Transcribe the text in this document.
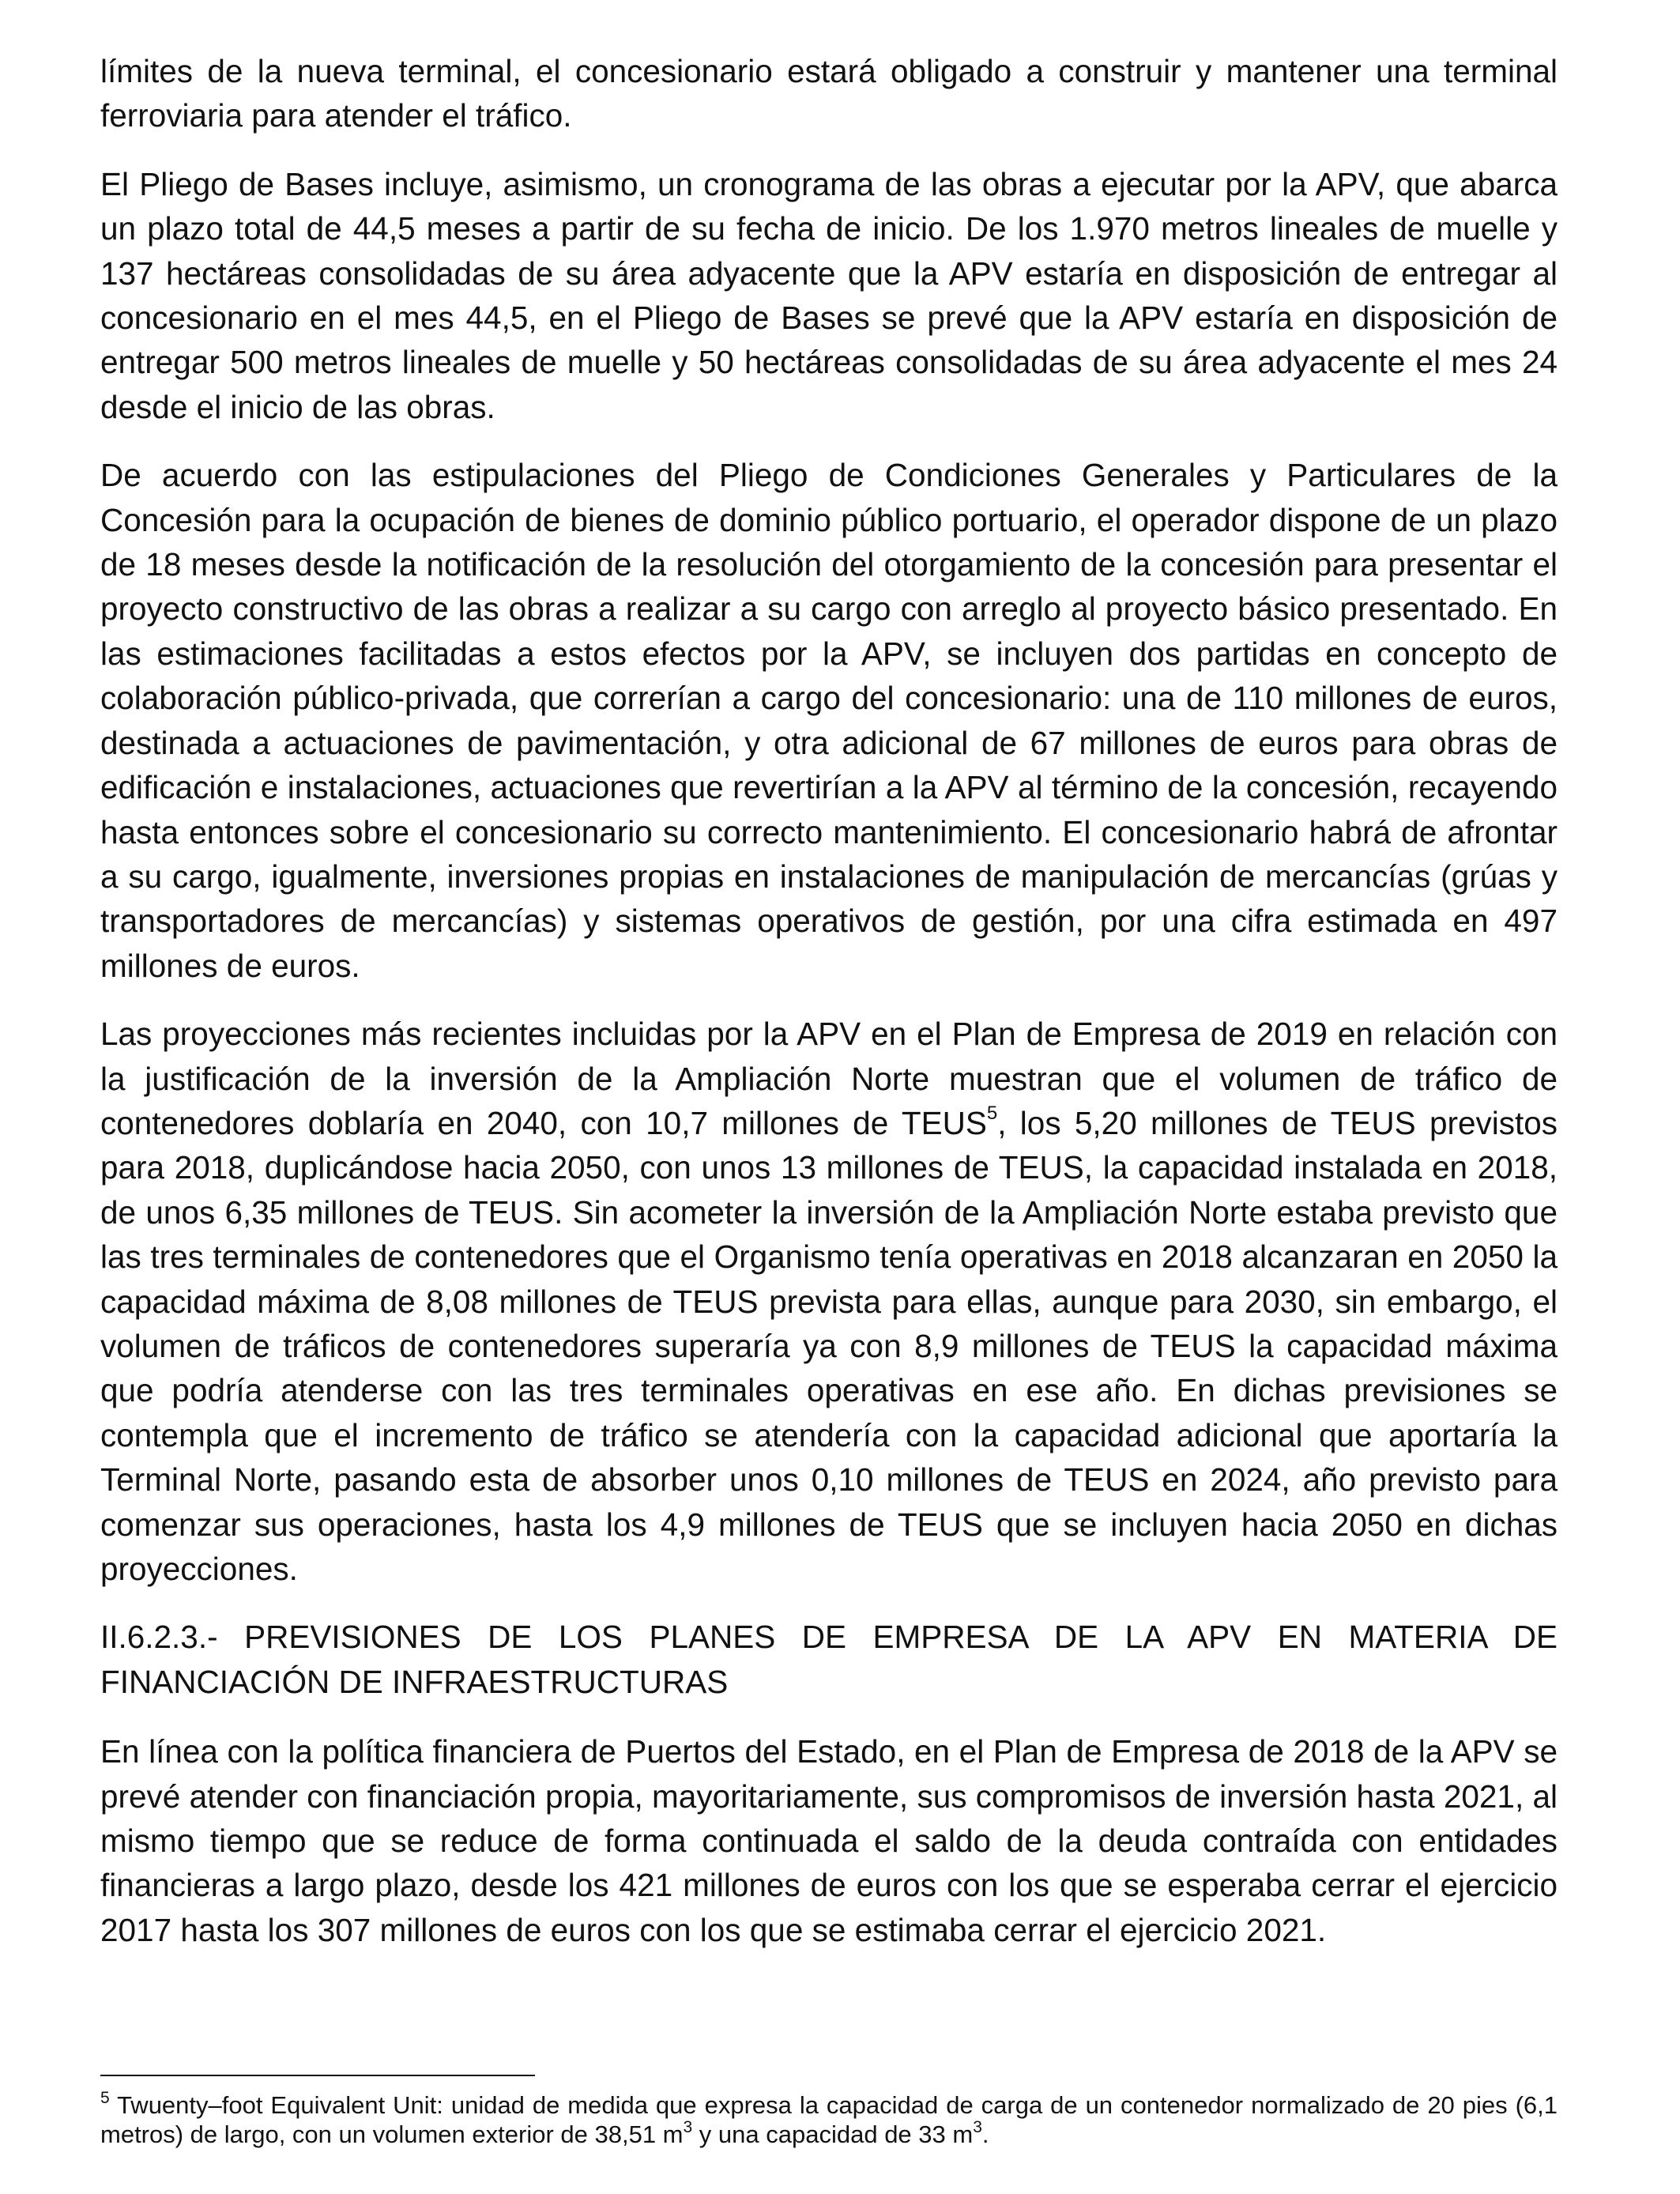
límites de la nueva terminal, el concesionario estará obligado a construir y mantener una terminal ferroviaria para atender el tráfico.

El Pliego de Bases incluye, asimismo, un cronograma de las obras a ejecutar por la APV, que abarca un plazo total de 44,5 meses a partir de su fecha de inicio. De los 1.970 metros lineales de muelle y 137 hectáreas consolidadas de su área adyacente que la APV estaría en disposición de entregar al concesionario en el mes 44,5, en el Pliego de Bases se prevé que la APV estaría en disposición de entregar 500 metros lineales de muelle y 50 hectáreas consolidadas de su área adyacente el mes 24 desde el inicio de las obras.

De acuerdo con las estipulaciones del Pliego de Condiciones Generales y Particulares de la Concesión para la ocupación de bienes de dominio público portuario, el operador dispone de un plazo de 18 meses desde la notificación de la resolución del otorgamiento de la concesión para presentar el proyecto constructivo de las obras a realizar a su cargo con arreglo al proyecto básico presentado. En las estimaciones facilitadas a estos efectos por la APV, se incluyen dos partidas en concepto de colaboración público-privada, que correrían a cargo del concesionario: una de 110 millones de euros, destinada a actuaciones de pavimentación, y otra adicional de 67 millones de euros para obras de edificación e instalaciones, actuaciones que revertirían a la APV al término de la concesión, recayendo hasta entonces sobre el concesionario su correcto mantenimiento. El concesionario habrá de afrontar a su cargo, igualmente, inversiones propias en instalaciones de manipulación de mercancías (grúas y transportadores de mercancías) y sistemas operativos de gestión, por una cifra estimada en 497 millones de euros.

Las proyecciones más recientes incluidas por la APV en el Plan de Empresa de 2019 en relación con la justificación de la inversión de la Ampliación Norte muestran que el volumen de tráfico de contenedores doblaría en 2040, con 10,7 millones de TEUS$^5$, los 5,20 millones de TEUS previstos para 2018, duplicándose hacia 2050, con unos 13 millones de TEUS, la capacidad instalada en 2018, de unos 6,35 millones de TEUS. Sin acometer la inversión de la Ampliación Norte estaba previsto que las tres terminales de contenedores que el Organismo tenía operativas en 2018 alcanzaran en 2050 la capacidad máxima de 8,08 millones de TEUS prevista para ellas, aunque para 2030, sin embargo, el volumen de tráficos de contenedores superaría ya con 8,9 millones de TEUS la capacidad máxima que podría atenderse con las tres terminales operativas en ese año. En dichas previsiones se contempla que el incremento de tráfico se atendería con la capacidad adicional que aportaría la Terminal Norte, pasando esta de absorber unos 0,10 millones de TEUS en 2024, año previsto para comenzar sus operaciones, hasta los 4,9 millones de TEUS que se incluyen hacia 2050 en dichas proyecciones.

II.6.2.3.- PREVISIONES DE LOS PLANES DE EMPRESA DE LA APV EN MATERIA DE FINANCIACIÓN DE INFRAESTRUCTURAS

En línea con la política financiera de Puertos del Estado, en el Plan de Empresa de 2018 de la APV se prevé atender con financiación propia, mayoritariamente, sus compromisos de inversión hasta 2021, al mismo tiempo que se reduce de forma continuada el saldo de la deuda contraída con entidades financieras a largo plazo, desde los 421 millones de euros con los que se esperaba cerrar el ejercicio 2017 hasta los 307 millones de euros con los que se estimaba cerrar el ejercicio 2021.

$^5$ Twuenty–foot Equivalent Unit: unidad de medida que expresa la capacidad de carga de un contenedor normalizado de 20 pies (6,1 metros) de largo, con un volumen exterior de 38,51 $m^3$ y una capacidad de 33 $m^3$.
